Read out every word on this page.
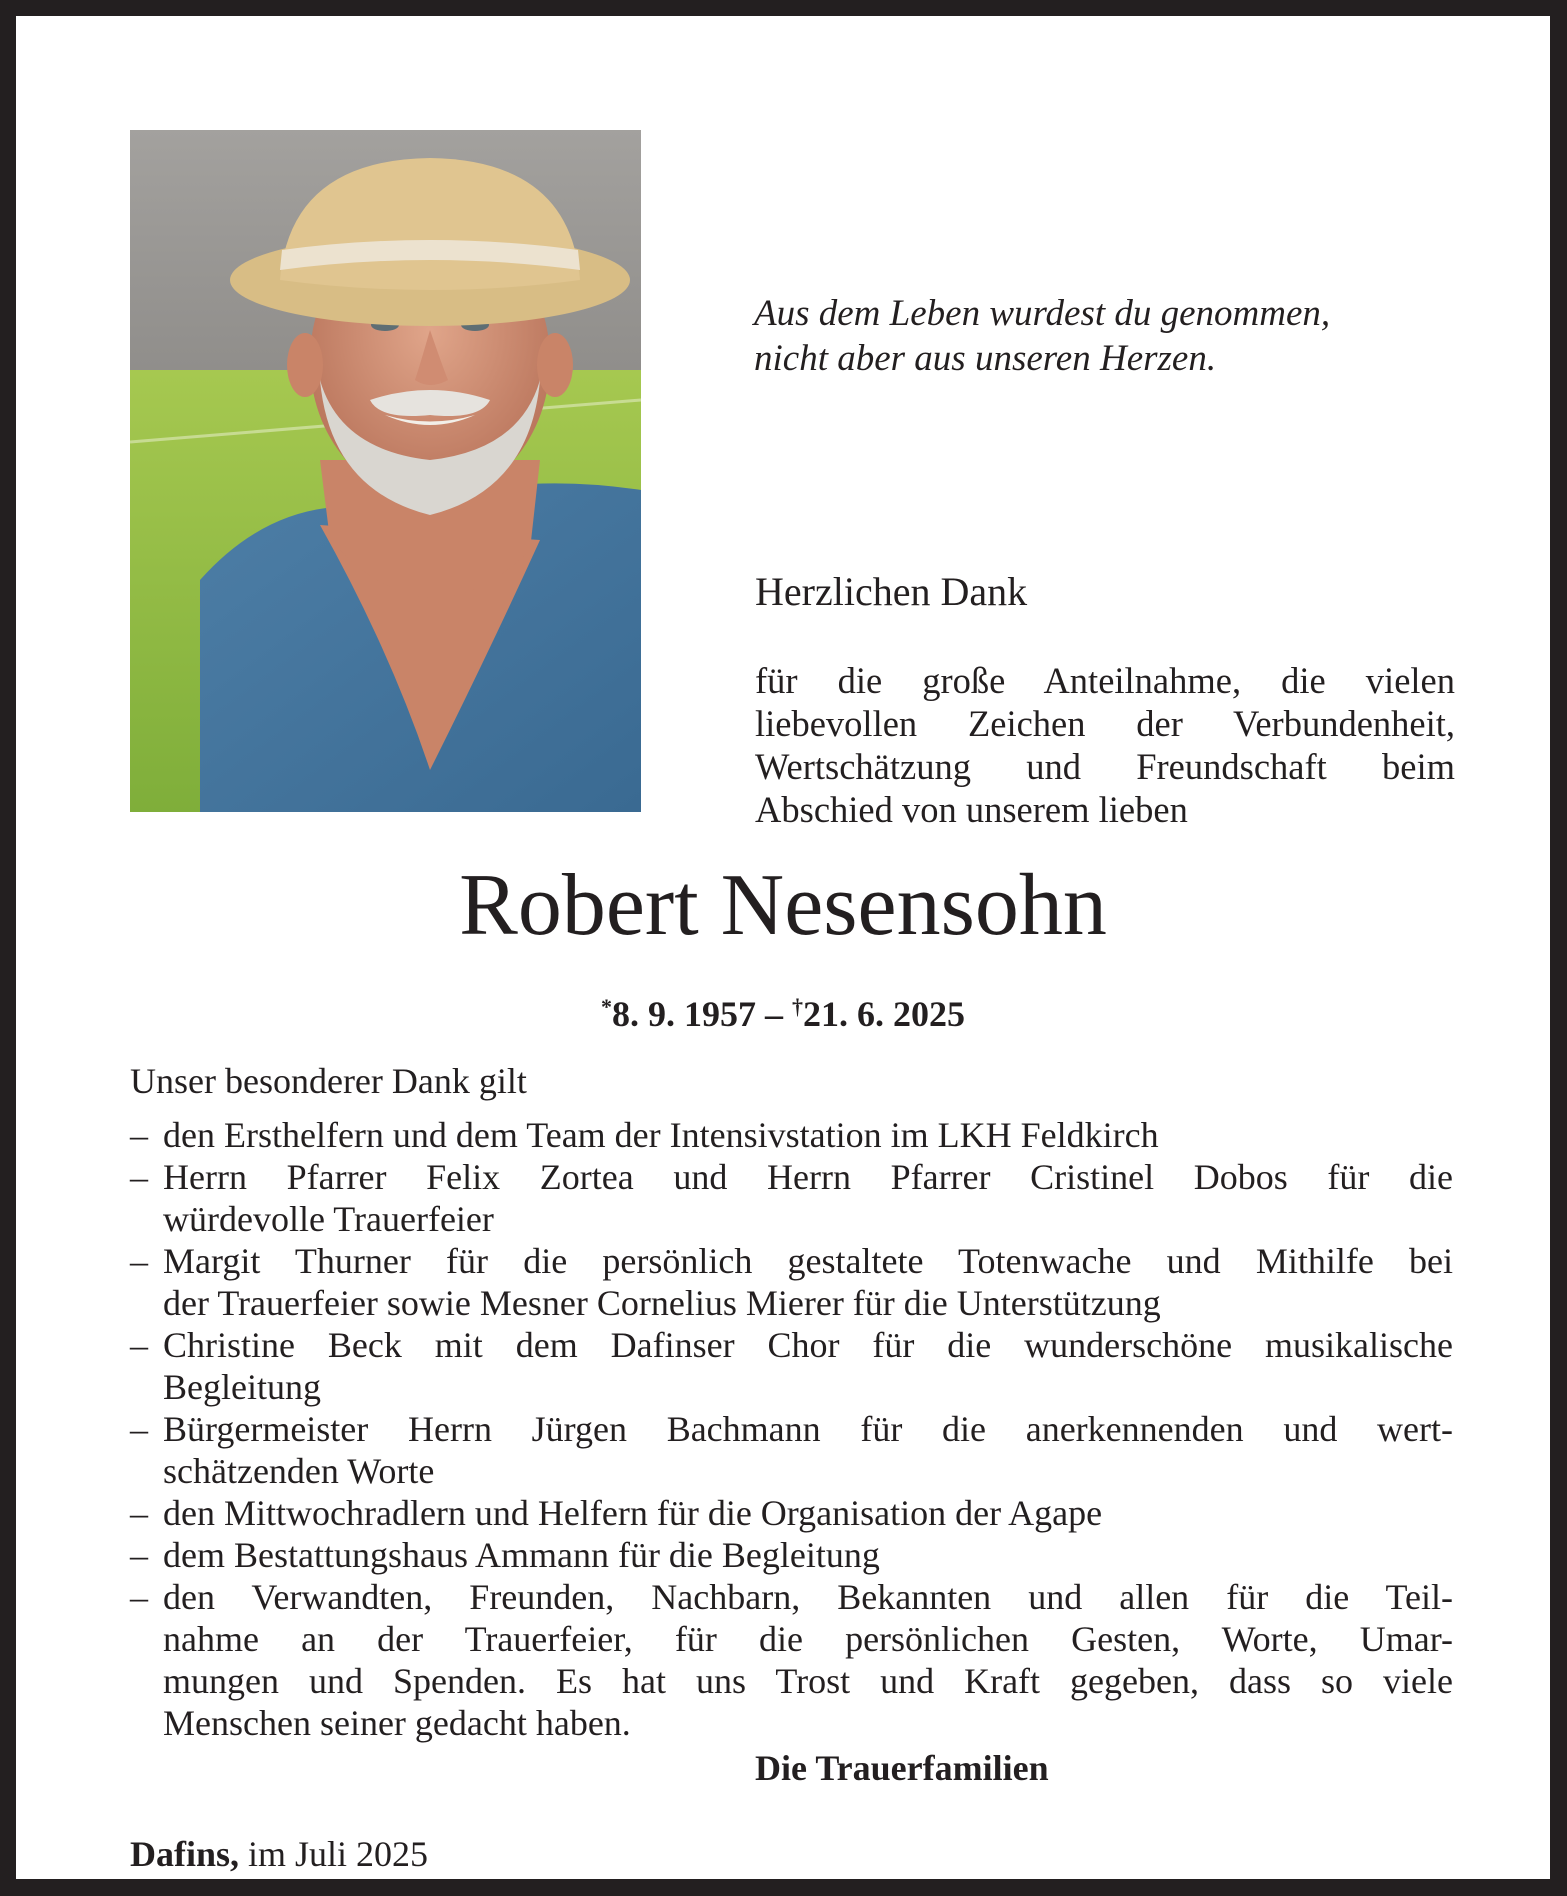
Aus dem Leben wurdest du genommen,
nicht aber aus unseren Herzen.
Herzlichen Dank
für die große Anteilnahme, die vielen
liebevollen Zeichen der Verbundenheit,
Wertschätzung und Freundschaft beim
Abschied von unserem lieben
Robert Nesensohn
*8. 9. 1957 – †21. 6. 2025
Unser besonderer Dank gilt
– den Ersthelfern und dem Team der Intensivstation im LKH Feldkirch
– Herrn Pfarrer Felix Zortea und Herrn Pfarrer Cristinel Dobos für die
würdevolle Trauerfeier
– Margit Thurner für die persönlich gestaltete Totenwache und Mithilfe bei
der Trauerfeier sowie Mesner Cornelius Mierer für die Unterstützung
– Christine Beck mit dem Dafinser Chor für die wunderschöne musikalische
Begleitung
– Bürgermeister Herrn Jürgen Bachmann für die anerkennenden und wert-
schätzenden Worte
– den Mittwochradlern und Helfern für die Organisation der Agape
– dem Bestattungshaus Ammann für die Begleitung
– den Verwandten, Freunden, Nachbarn, Bekannten und allen für die Teil-
nahme an der Trauerfeier, für die persönlichen Gesten, Worte, Umar-
mungen und Spenden. Es hat uns Trost und Kraft gegeben, dass so viele
Menschen seiner gedacht haben.
Die Trauerfamilien
Dafins, im Juli 2025
